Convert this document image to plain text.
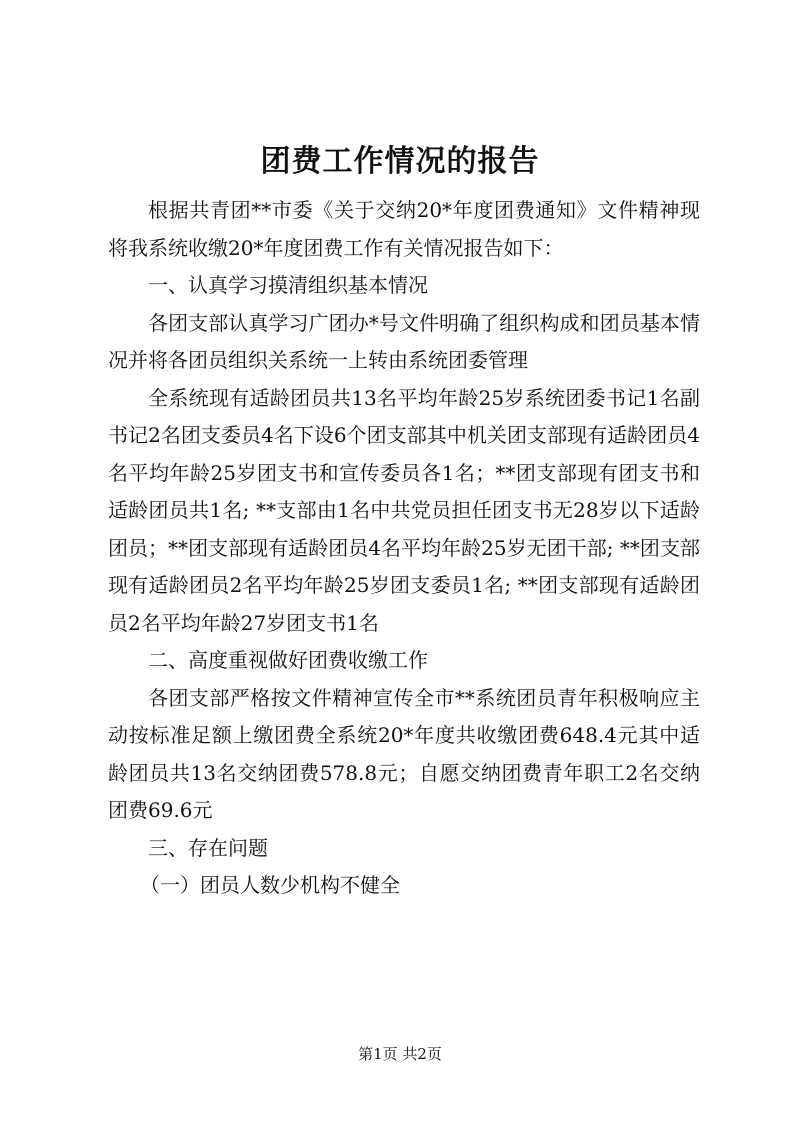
团费工作情况的报告

根据共青团**市委《关于交纳20*年度团费通知》文件精神现将我系统收缴20*年度团费工作有关情况报告如下：

一、认真学习摸清组织基本情况

各团支部认真学习广团办*号文件明确了组织构成和团员基本情况并将各团员组织关系统一上转由系统团委管理

全系统现有适龄团员共13名平均年龄25岁系统团委书记1名副书记2名团支委员4名下设6个团支部其中机关团支部现有适龄团员4名平均年龄25岁团支书和宣传委员各1名；**团支部现有团支书和适龄团员共1名; **支部由1名中共党员担任团支书无28岁以下适龄团员；**团支部现有适龄团员4名平均年龄25岁无团干部; **团支部现有适龄团员2名平均年龄25岁团支委员1名; **团支部现有适龄团员2名平均年龄27岁团支书1名

二、高度重视做好团费收缴工作

各团支部严格按文件精神宣传全市**系统团员青年积极响应主动按标准足额上缴团费全系统20*年度共收缴团费648.4元其中适龄团员共13名交纳团费578.8元；自愿交纳团费青年职工2名交纳团费69.6元

三、存在问题

（一）团员人数少机构不健全

第1页 共2页
